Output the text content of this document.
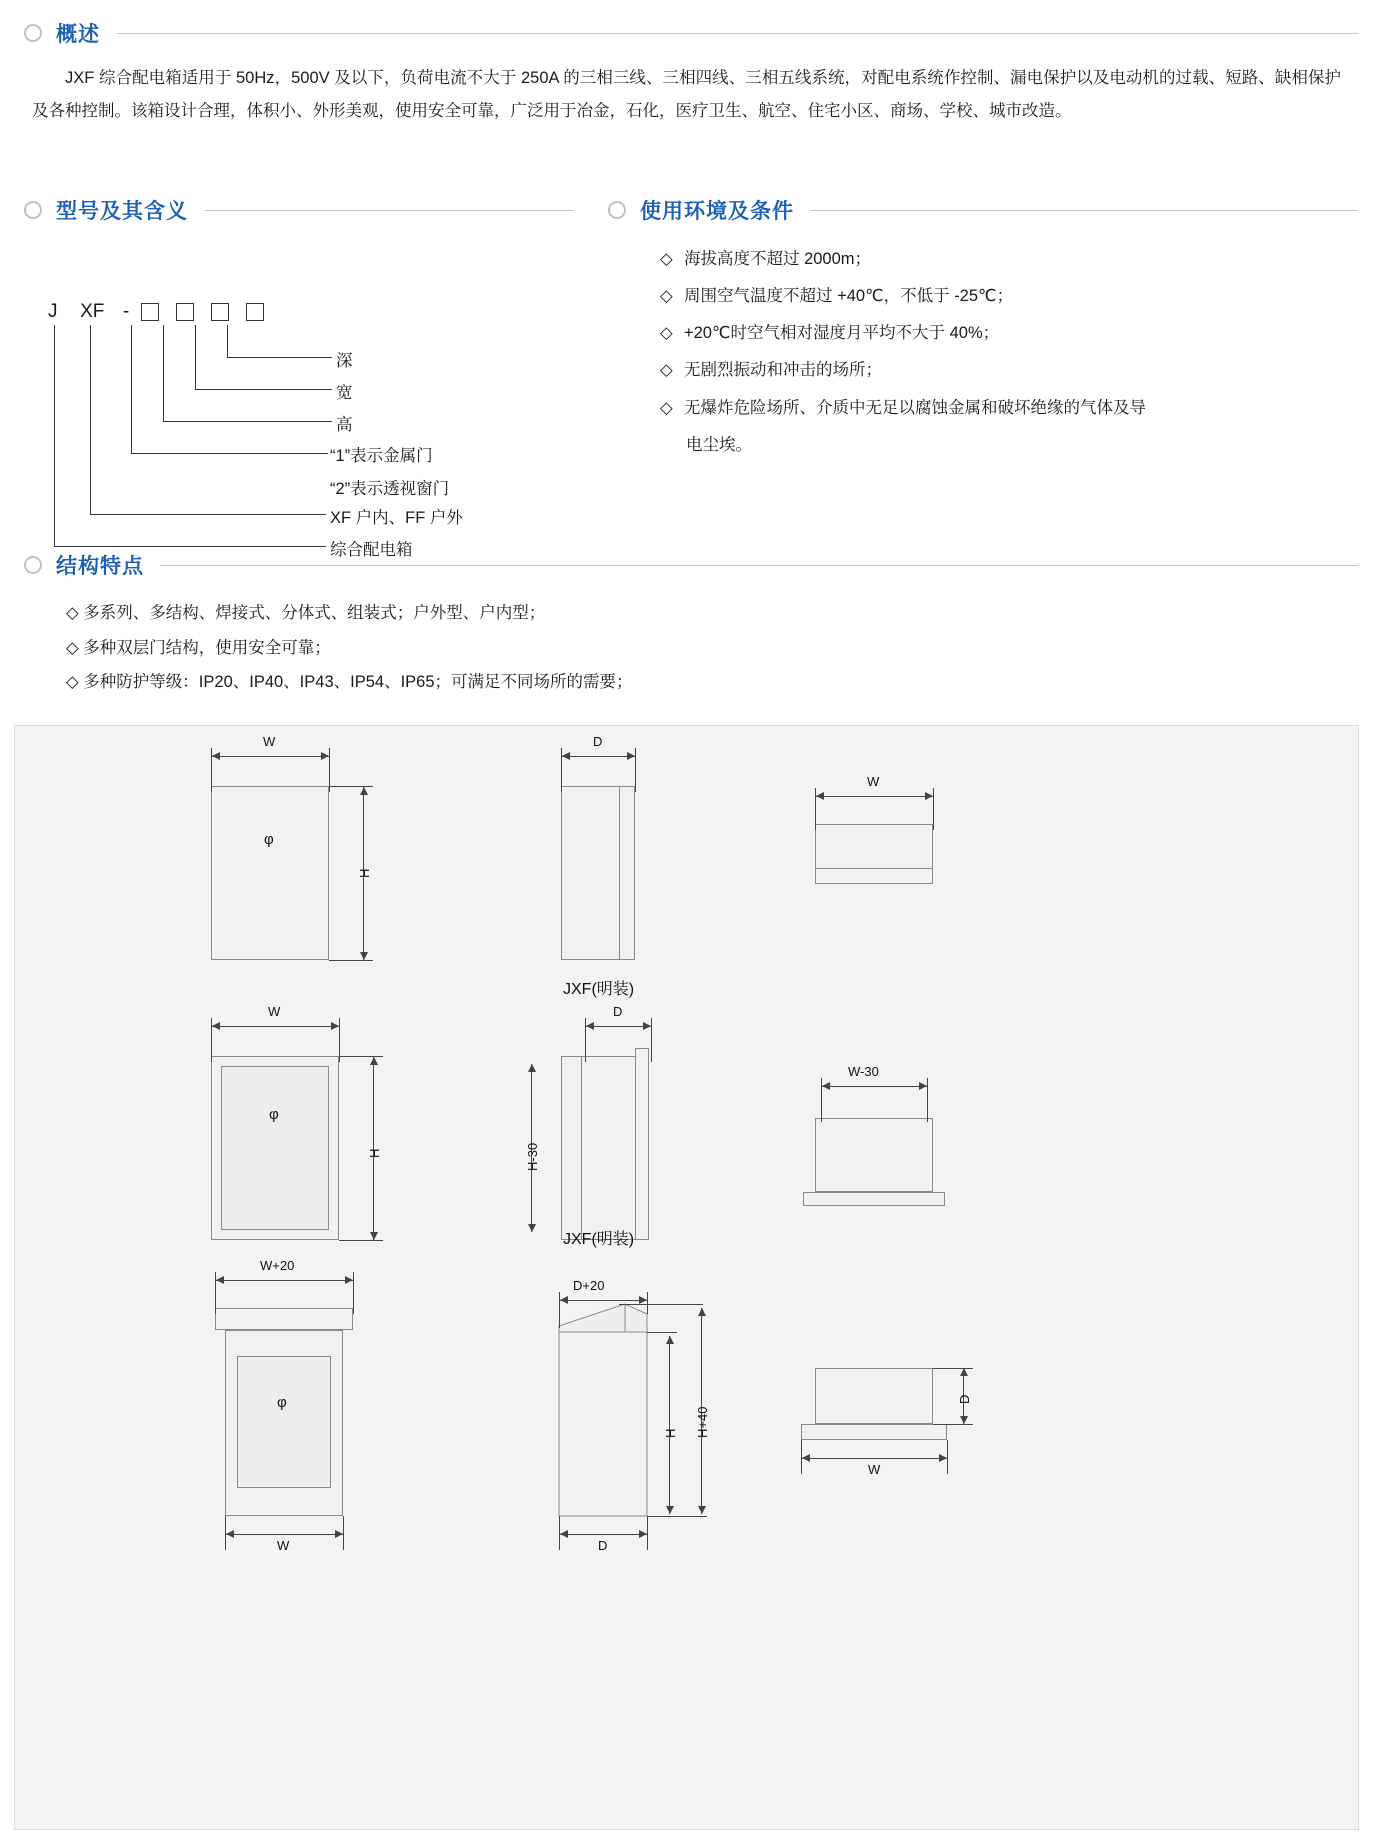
概述

JXF 综合配电箱适用于 50Hz，500V 及以下，负荷电流不大于 250A 的三相三线、三相四线、三相五线系统，对配电系统作控制、漏电保护以及电动机的过载、短路、缺相保护及各种控制。该箱设计合理，体积小、外形美观，使用安全可靠，广泛用于冶金，石化，医疗卫生、航空、住宅小区、商场、学校、城市改造。

型号及其含义
J XF -
深
宽
高
“1”表示金属门
“2”表示透视窗门
XF 户内、FF 户外
综合配电箱
使用环境及条件
◇ 海拔高度不超过 2000m；
◇ 周围空气温度不超过 +40℃，不低于 -25℃；
◇ +20℃时空气相对湿度月平均不大于 40%；
◇ 无剧烈振动和冲击的场所；
◇ 无爆炸危险场所、介质中无足以腐蚀金属和破坏绝缘的气体及导
电尘埃。
结构特点
◇ 多系列、多结构、焊接式、分体式、组装式；户外型、户内型；
◇ 多种双层门结构，使用安全可靠；
◇ 多种防护等级：IP20、IP40、IP43、IP54、IP65；可满足不同场所的需要；
φ
W
H
D
W
JXF(明装)
φ
W
H
D
H-30
W-30
JXF(明装)
φ
W+20
W
D+20
H H+40
D
D
W
